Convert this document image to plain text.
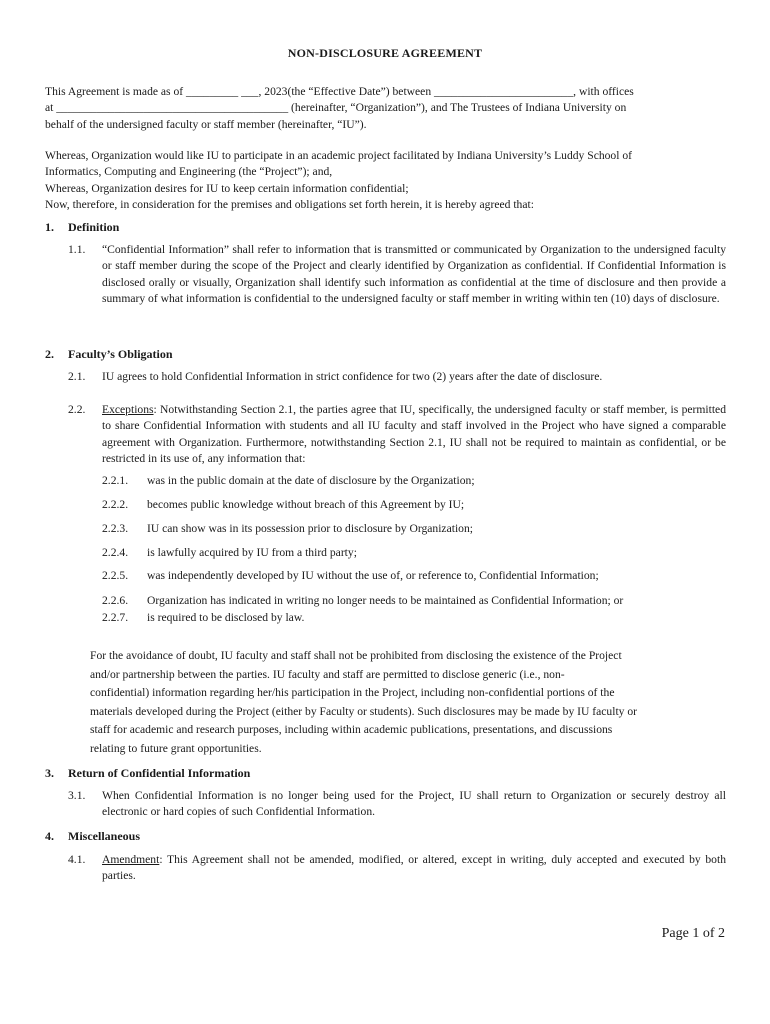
NON-DISCLOSURE AGREEMENT
This Agreement is made as of _________ ___, 2023(the “Effective Date”) between ________________________, with offices
at ________________________________________ (hereinafter, “Organization”), and The Trustees of Indiana University on
behalf of the undersigned faculty or staff member (hereinafter, “IU”).
Whereas, Organization would like IU to participate in an academic project facilitated by Indiana University’s Luddy School of
Informatics, Computing and Engineering (the “Project”); and,
Whereas, Organization desires for IU to keep certain information confidential;
Now, therefore, in consideration for the premises and obligations set forth herein, it is hereby agreed that:
1. Definition
1.1.	“Confidential Information” shall refer to information that is transmitted or communicated by Organization to the undersigned faculty or staff member during the scope of the Project and clearly identified by Organization as confidential. If Confidential Information is disclosed orally or visually, Organization shall identify such information as confidential at the time of disclosure and then provide a summary of what information is confidential to the undersigned faculty or staff member in writing within ten (10) days of disclosure.
2. Faculty’s Obligation
2.1.	IU agrees to hold Confidential Information in strict confidence for two (2) years after the date of disclosure.
2.2.	Exceptions: Notwithstanding Section 2.1, the parties agree that IU, specifically, the undersigned faculty or staff member, is permitted to share Confidential Information with students and all IU faculty and staff involved in the Project who have signed a comparable agreement with Organization. Furthermore, notwithstanding Section 2.1, IU shall not be required to maintain as confidential, or be restricted in its use of, any information that:
2.2.1.	was in the public domain at the date of disclosure by the Organization;
2.2.2.	becomes public knowledge without breach of this Agreement by IU;
2.2.3.	IU can show was in its possession prior to disclosure by Organization;
2.2.4.	is lawfully acquired by IU from a third party;
2.2.5.	was independently developed by IU without the use of, or reference to, Confidential Information;
2.2.6.	Organization has indicated in writing no longer needs to be maintained as Confidential Information; or
2.2.7.	is required to be disclosed by law.
For the avoidance of doubt, IU faculty and staff shall not be prohibited from disclosing the existence of the Project
and/or partnership between the parties. IU faculty and staff are permitted to disclose generic (i.e., non-
confidential) information regarding her/his participation in the Project, including non-confidential portions of the
materials developed during the Project (either by Faculty or students). Such disclosures may be made by IU faculty or
staff for academic and research purposes, including within academic publications, presentations, and discussions
relating to future grant opportunities.
3. Return of Confidential Information
3.1.	When Confidential Information is no longer being used for the Project, IU shall return to Organization or securely destroy all electronic or hard copies of such Confidential Information.
4. Miscellaneous
4.1.	Amendment: This Agreement shall not be amended, modified, or altered, except in writing, duly accepted and executed by both parties.
Page 1 of 2
